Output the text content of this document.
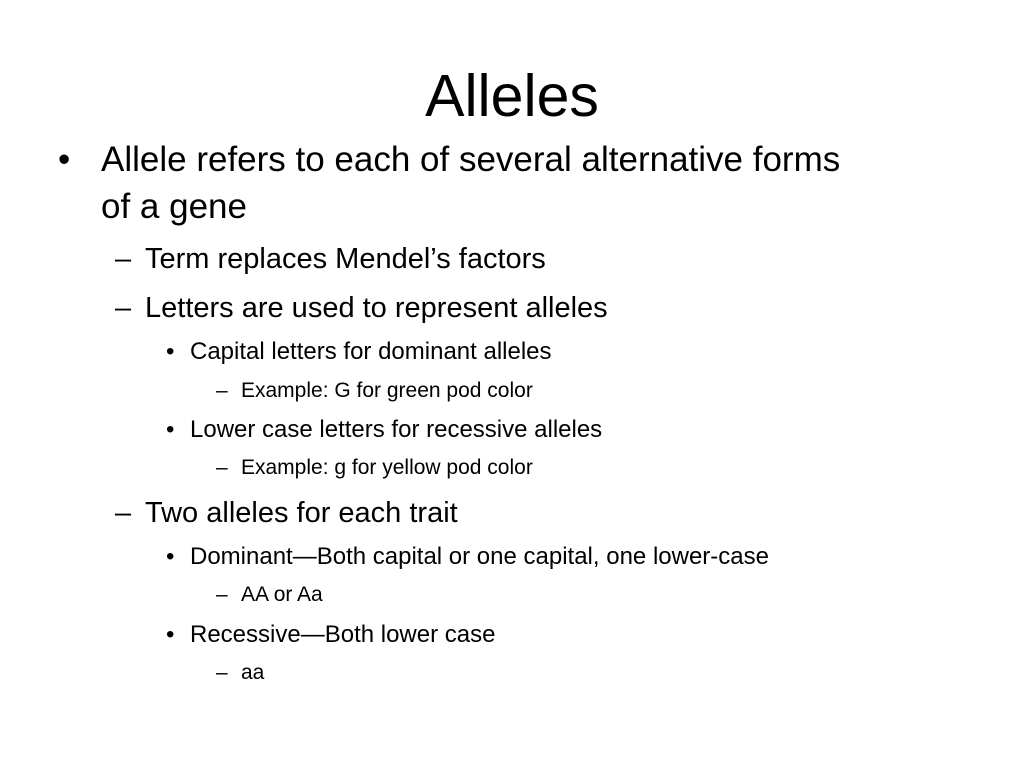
Alleles
• Allele refers to each of several alternative forms
of a gene
– Term replaces Mendel’s factors
– Letters are used to represent alleles
• Capital letters for dominant alleles
– Example: G for green pod color
• Lower case letters for recessive alleles
– Example: g for yellow pod color
– Two alleles for each trait
• Dominant—Both capital or one capital, one lower-case
– AA or Aa
• Recessive—Both lower case
– aa
